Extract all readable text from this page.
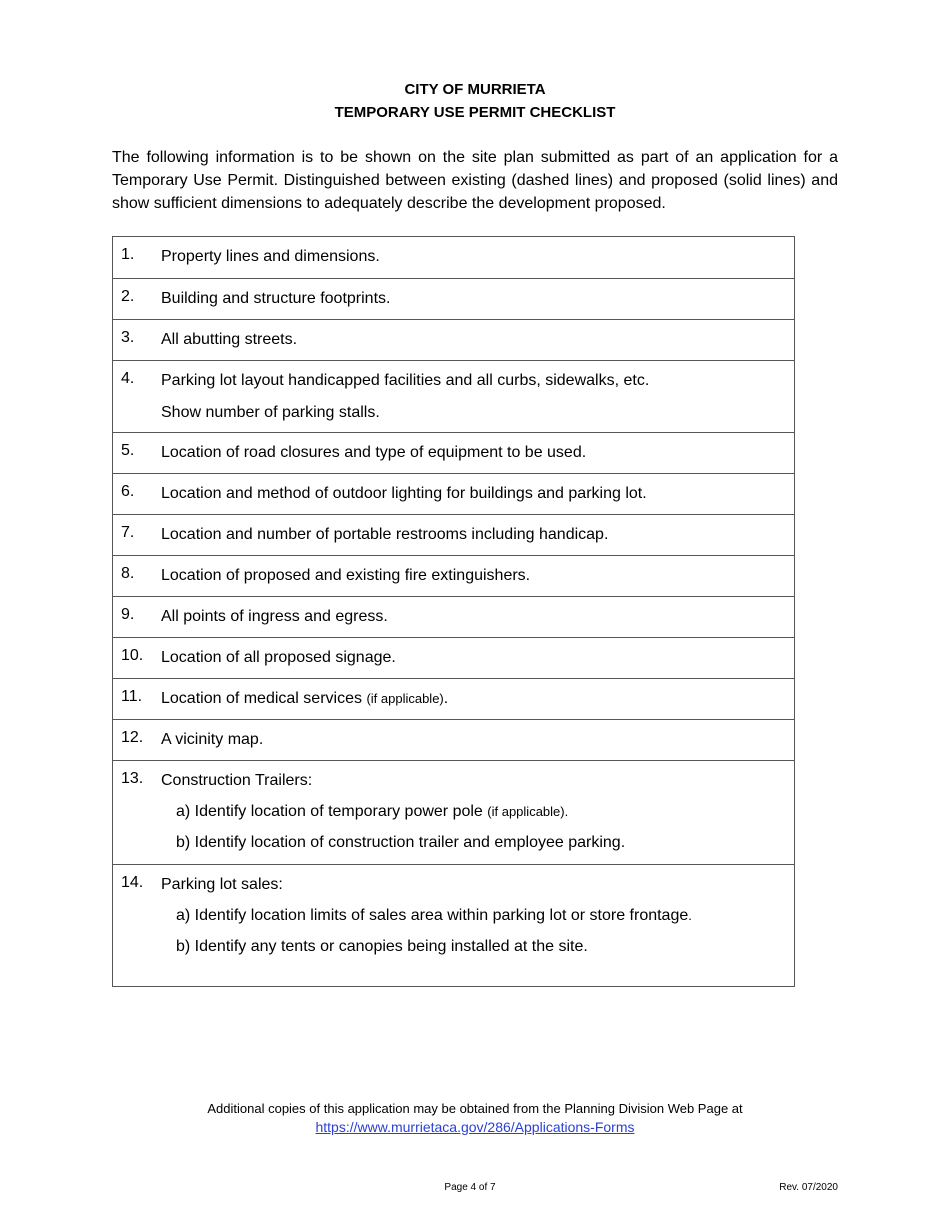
CITY OF MURRIETA
TEMPORARY USE PERMIT CHECKLIST
The following information is to be shown on the site plan submitted as part of an application for a Temporary Use Permit. Distinguished between existing (dashed lines) and proposed (solid lines) and show sufficient dimensions to adequately describe the development proposed.
1.	Property lines and dimensions.
2.	Building and structure footprints.
3.	All abutting streets.
4.	Parking lot layout handicapped facilities and all curbs, sidewalks, etc.
Show number of parking stalls.
5.	Location of road closures and type of equipment to be used.
6.	Location and method of outdoor lighting for buildings and parking lot.
7.	Location and number of portable restrooms including handicap.
8.	Location of proposed and existing fire extinguishers.
9.	All points of ingress and egress.
10.	Location of all proposed signage.
11.	Location of medical services (if applicable).
12.	A vicinity map.
13.	Construction Trailers:
a) Identify location of temporary power pole (if applicable).
b) Identify location of construction trailer and employee parking.
14.	Parking lot sales:
a) Identify location limits of sales area within parking lot or store frontage.
b) Identify any tents or canopies being installed at the site.
Additional copies of this application may be obtained from the Planning Division Web Page at
https://www.murrietaca.gov/286/Applications-Forms
Page 4 of 7	Rev. 07/2020
